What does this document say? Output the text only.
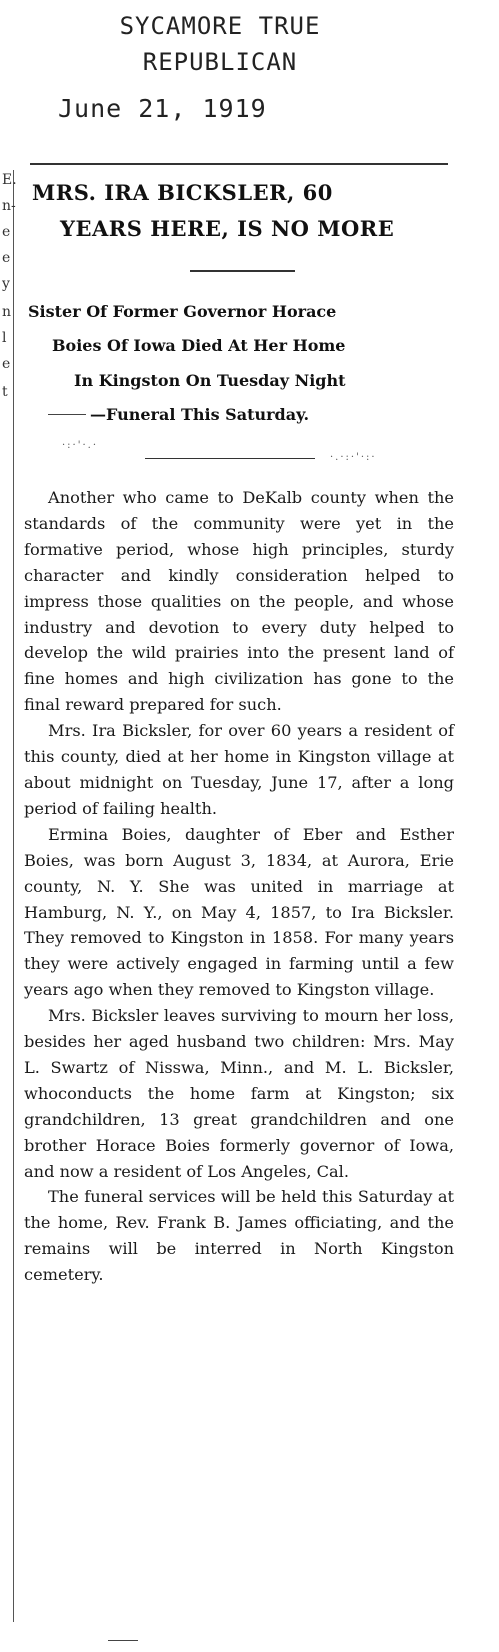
SYCAMORE TRUE
REPUBLICAN
June 21, 1919
E.
n-
e
e
y
n
l
e
t
MRS. IRA BICKSLER, 60
YEARS HERE, IS NO MORE
Sister Of Former Governor Horace
Boies Of Iowa Died At Her Home
In Kingston On Tuesday Night
—Funeral This Saturday.
·:·'·.·
·.·:·'·:·

Another who came to DeKalb county when the standards of the community were yet in the formative period, whose high principles, sturdy character and kindly consideration helped to impress those qualities on the people, and whose industry and devotion to every duty helped to develop the wild prairies into the present land of fine homes and high civilization has gone to the final reward prepared for such.

Mrs. Ira Bicksler, for over 60 years a resident of this county, died at her home in Kingston village at about midnight on Tuesday, June 17, after a long period of failing health.

Ermina Boies, daughter of Eber and Esther Boies, was born August 3, 1834, at Aurora, Erie county, N. Y. She was united in marriage at Hamburg, N. Y., on May 4, 1857, to Ira Bicksler. They removed to Kingston in 1858. For many years they were actively engaged in farming until a few years ago when they removed to Kingston village.

Mrs. Bicksler leaves surviving to mourn her loss, besides her aged husband two children: Mrs. May L. Swartz of Nisswa, Minn., and M. L. Bicksler, whoconducts the home farm at Kingston; six grandchildren, 13 great grandchildren and one brother Horace Boies formerly governor of Iowa, and now a resident of Los Angeles, Cal.

The funeral services will be held this Saturday at the home, Rev. Frank B. James officiating, and the remains will be interred in North Kingston cemetery.
